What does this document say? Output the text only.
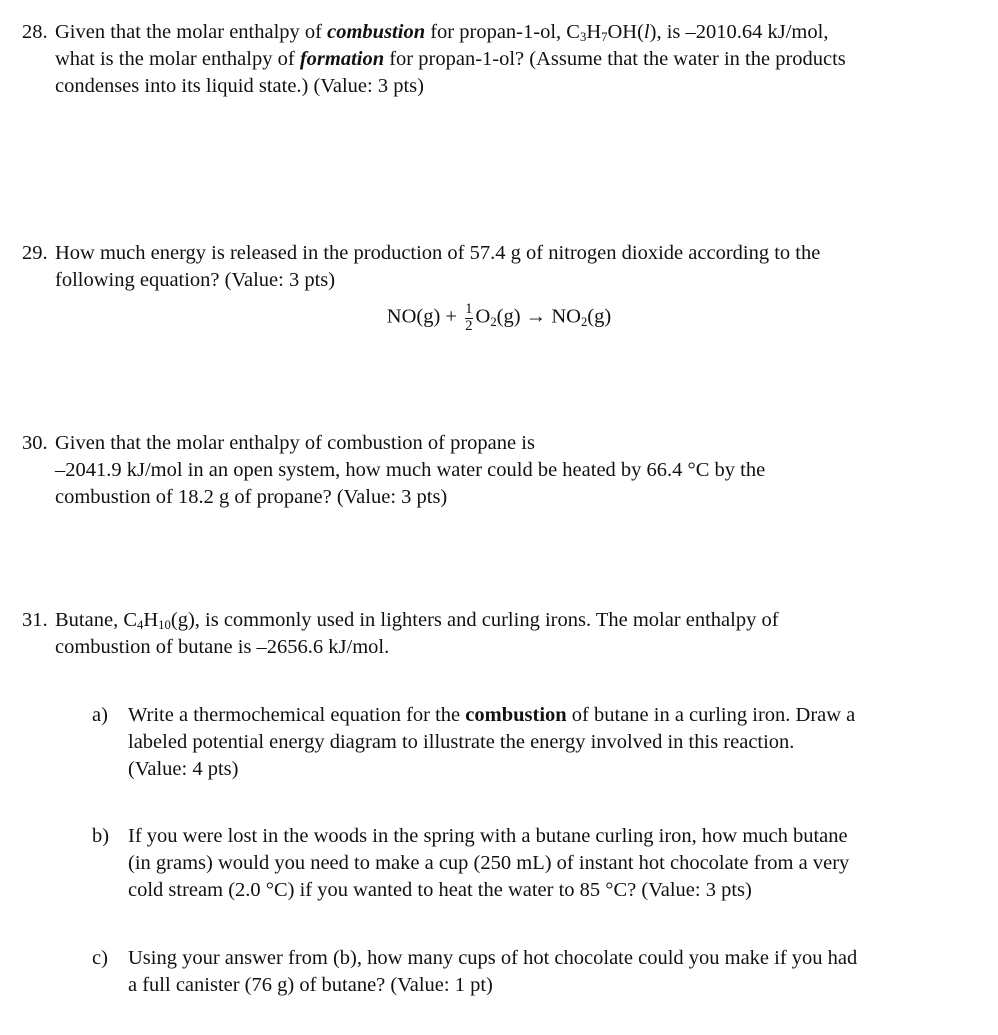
28. Given that the molar enthalpy of combustion for propan-1-ol, $C_3H_7OH(l)$, is –2010.64 kJ/mol,
what is the molar enthalpy of formation for propan-1-ol? (Assume that the water in the products
condenses into its liquid state.) (Value: 3 pts)
29. How much energy is released in the production of 57.4 g of nitrogen dioxide according to the
following equation? (Value: 3 pts)
$NO(g) + \frac{1}{2} O_2(g) \to NO_2(g)$
30. Given that the molar enthalpy of combustion of propane is
–2041.9 kJ/mol in an open system, how much water could be heated by 66.4 °C by the
combustion of 18.2 g of propane? (Value: 3 pts)
31. Butane, $C_4H_{10}(g)$, is commonly used in lighters and curling irons. The molar enthalpy of
combustion of butane is –2656.6 kJ/mol.
a) Write a thermochemical equation for the combustion of butane in a curling iron. Draw a
labeled potential energy diagram to illustrate the energy involved in this reaction.
(Value: 4 pts)
b) If you were lost in the woods in the spring with a butane curling iron, how much butane
(in grams) would you need to make a cup (250 mL) of instant hot chocolate from a very
cold stream (2.0 °C) if you wanted to heat the water to 85 °C? (Value: 3 pts)
c) Using your answer from (b), how many cups of hot chocolate could you make if you had
a full canister (76 g) of butane? (Value: 1 pt)
